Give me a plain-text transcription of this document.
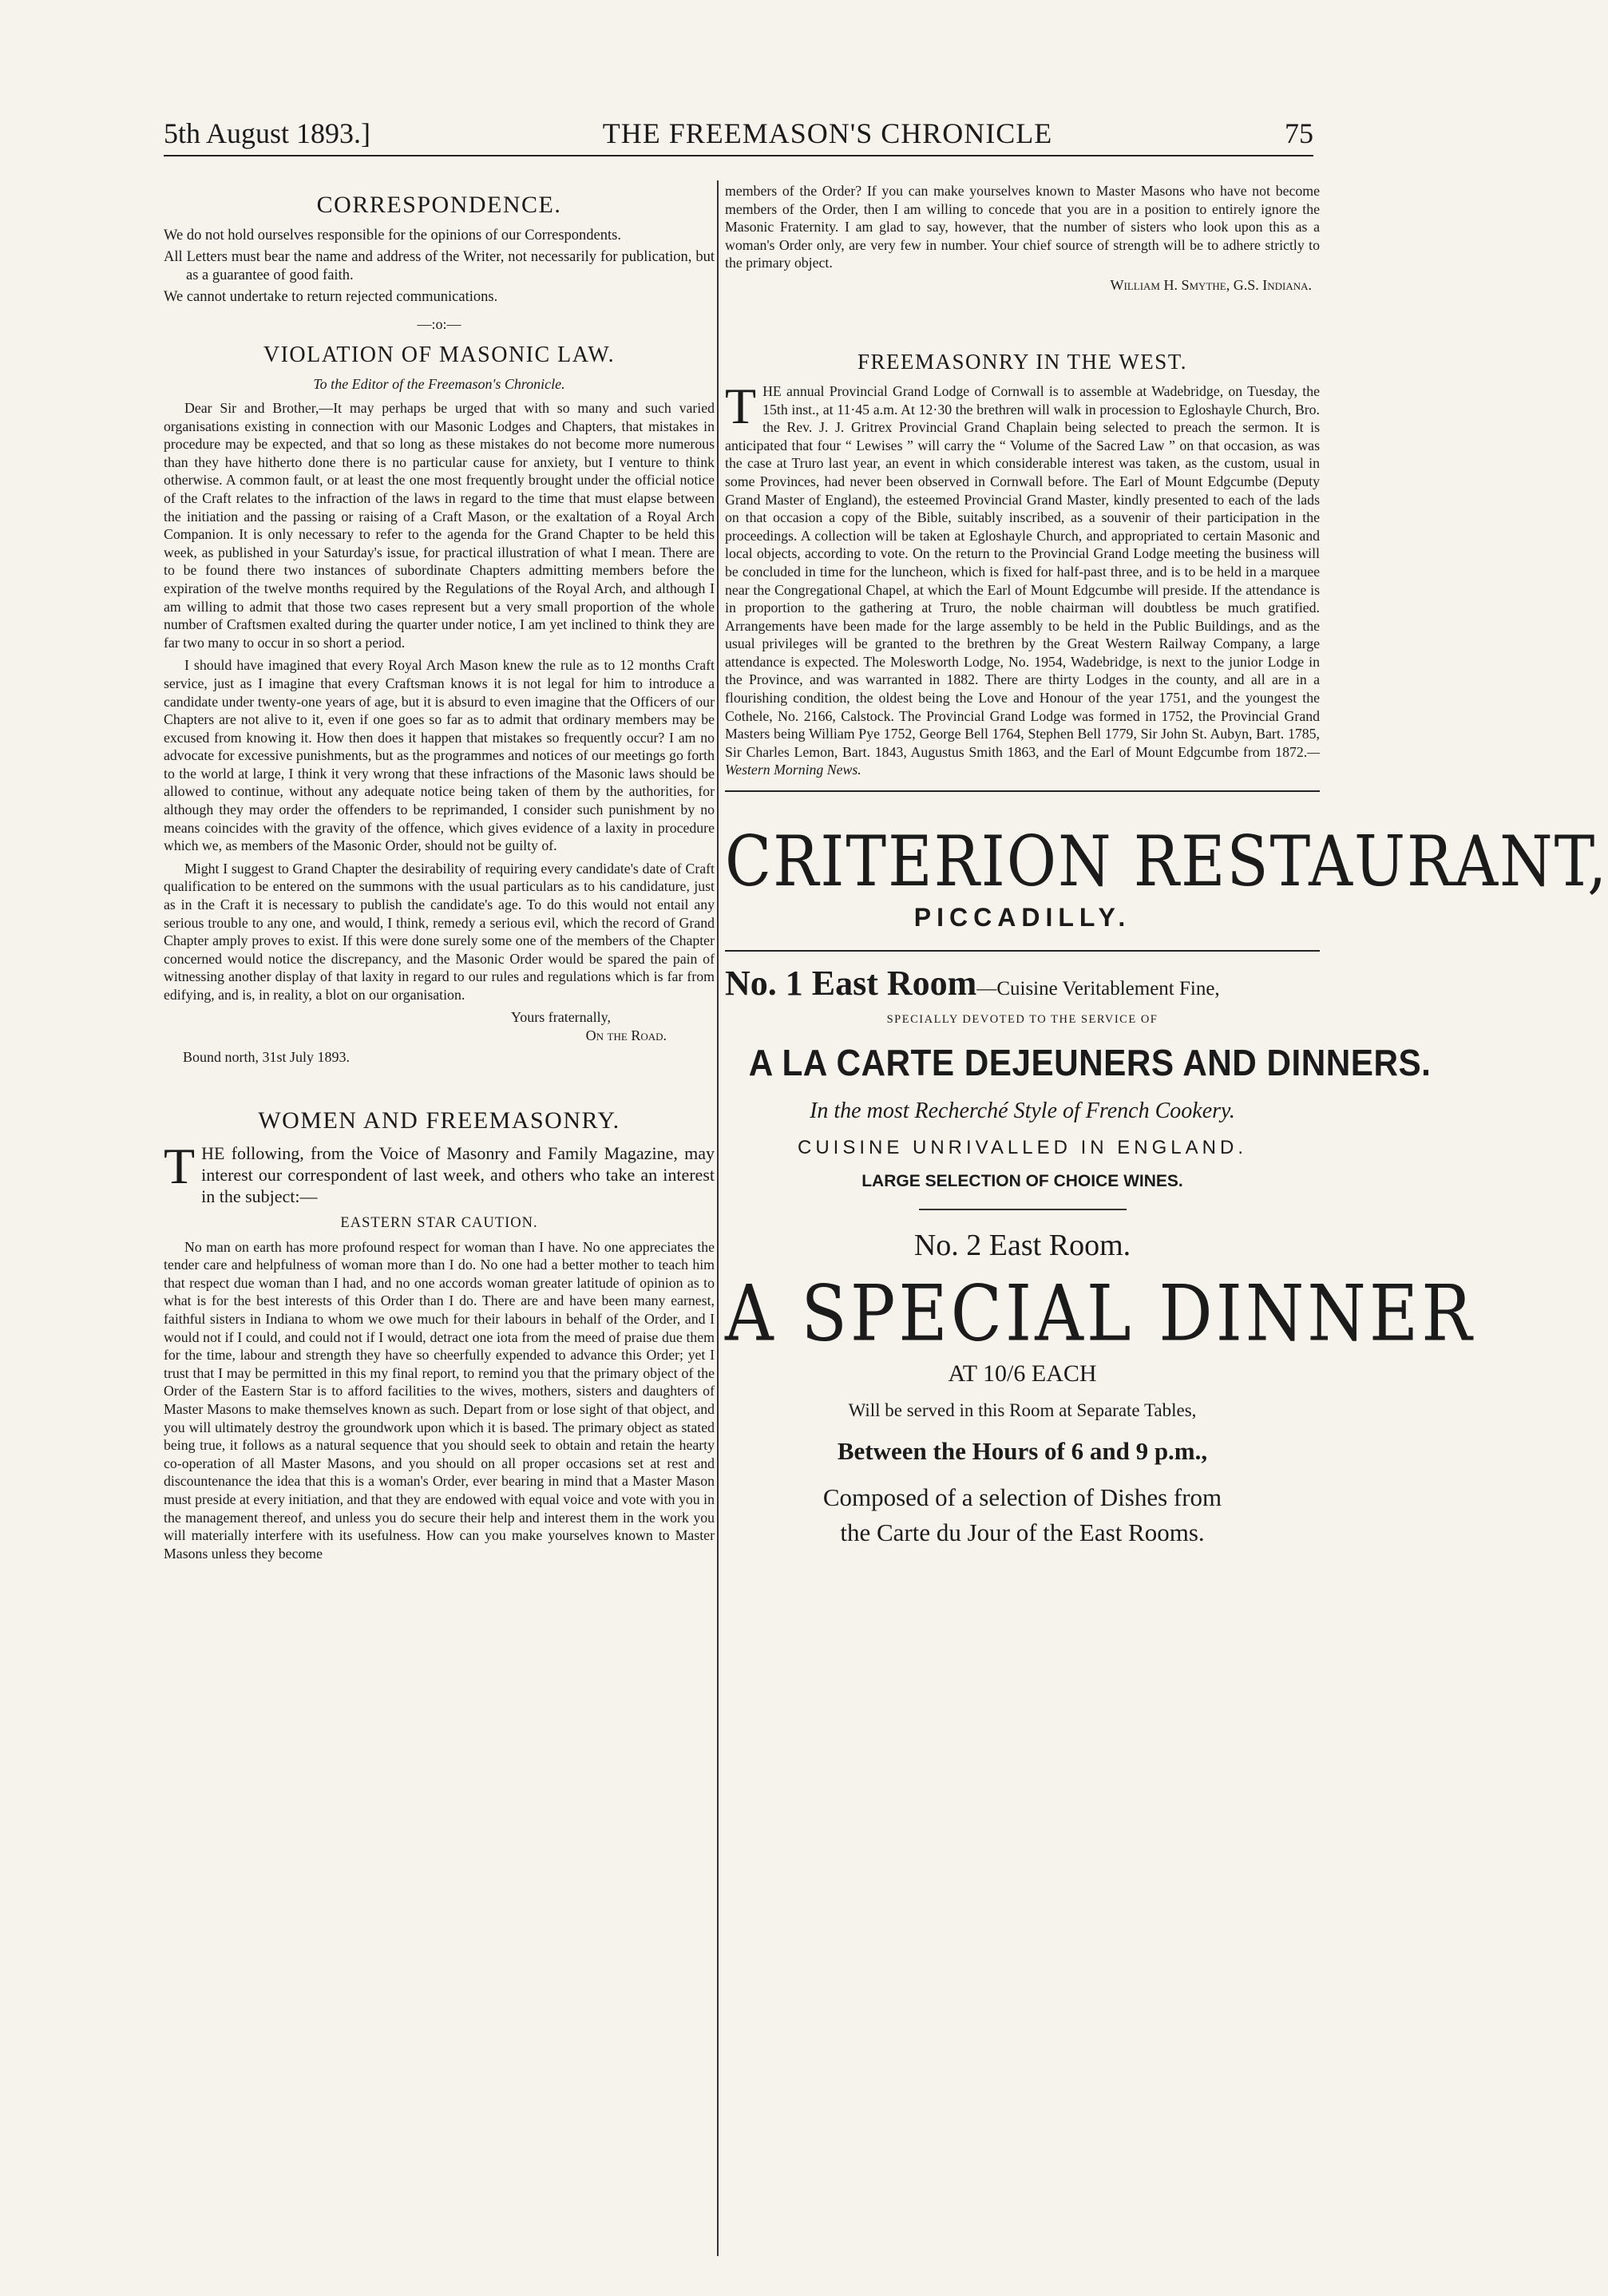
5th August 1893.]	THE FREEMASON'S CHRONICLE	75
CORRESPONDENCE.

We do not hold ourselves responsible for the opinions of our Correspondents.

All Letters must bear the name and address of the Writer, not necessarily for publication, but as a guarantee of good faith.

We cannot undertake to return rejected communications.

—:o:—
VIOLATION OF MASONIC LAW.
To the Editor of the Freemason's Chronicle.

Dear Sir and Brother,—It may perhaps be urged that with so many and such varied organisations existing in connection with our Masonic Lodges and Chapters, that mistakes in procedure may be expected, and that so long as these mistakes do not become more numerous than they have hitherto done there is no particular cause for anxiety, but I venture to think otherwise. A common fault, or at least the one most frequently brought under the official notice of the Craft relates to the infraction of the laws in regard to the time that must elapse between the initiation and the passing or raising of a Craft Mason, or the exaltation of a Royal Arch Companion. It is only necessary to refer to the agenda for the Grand Chapter to be held this week, as published in your Saturday's issue, for practical illustration of what I mean. There are to be found there two instances of subordinate Chapters admitting members before the expiration of the twelve months required by the Regulations of the Royal Arch, and although I am willing to admit that those two cases represent but a very small proportion of the whole number of Craftsmen exalted during the quarter under notice, I am yet inclined to think they are far two many to occur in so short a period.

I should have imagined that every Royal Arch Mason knew the rule as to 12 months Craft service, just as I imagine that every Craftsman knows it is not legal for him to introduce a candidate under twenty-one years of age, but it is absurd to even imagine that the Officers of our Chapters are not alive to it, even if one goes so far as to admit that ordinary members may be excused from knowing it. How then does it happen that mistakes so frequently occur? I am no advocate for excessive punishments, but as the programmes and notices of our meetings go forth to the world at large, I think it very wrong that these infractions of the Masonic laws should be allowed to continue, without any adequate notice being taken of them by the authorities, for although they may order the offenders to be reprimanded, I consider such punishment by no means coincides with the gravity of the offence, which gives evidence of a laxity in procedure which we, as members of the Masonic Order, should not be guilty of.

Might I suggest to Grand Chapter the desirability of requiring every candidate's date of Craft qualification to be entered on the summons with the usual particulars as to his candidature, just as in the Craft it is necessary to publish the candidate's age. To do this would not entail any serious trouble to any one, and would, I think, remedy a serious evil, which the record of Grand Chapter amply proves to exist. If this were done surely some one of the members of the Chapter concerned would notice the discrepancy, and the Masonic Order would be spared the pain of witnessing another display of that laxity in regard to our rules and regulations which is far from edifying, and is, in reality, a blot on our organisation.

Yours fraternally,
On the Road.
Bound north, 31st July 1893.
WOMEN AND FREEMASONRY.

THE following, from the Voice of Masonry and Family Magazine, may interest our correspondent of last week, and others who take an interest in the subject:—

EASTERN STAR CAUTION.

No man on earth has more profound respect for woman than I have. No one appreciates the tender care and helpfulness of woman more than I do. No one had a better mother to teach him that respect due woman than I had, and no one accords woman greater latitude of opinion as to what is for the best interests of this Order than I do. There are and have been many earnest, faithful sisters in Indiana to whom we owe much for their labours in behalf of the Order, and I would not if I could, and could not if I would, detract one iota from the meed of praise due them for the time, labour and strength they have so cheerfully expended to advance this Order; yet I trust that I may be permitted in this my final report, to remind you that the primary object of the Order of the Eastern Star is to afford facilities to the wives, mothers, sisters and daughters of Master Masons to make themselves known as such. Depart from or lose sight of that object, and you will ultimately destroy the groundwork upon which it is based. The primary object as stated being true, it follows as a natural sequence that you should seek to obtain and retain the hearty co-operation of all Master Masons, and you should on all proper occasions set at rest and discountenance the idea that this is a woman's Order, ever bearing in mind that a Master Mason must preside at every initiation, and that they are endowed with equal voice and vote with you in the management thereof, and unless you do secure their help and interest them in the work you will materially interfere with its usefulness. How can you make yourselves known to Master Masons unless they become

members of the Order? If you can make yourselves known to Master Masons who have not become members of the Order, then I am willing to concede that you are in a position to entirely ignore the Masonic Fraternity. I am glad to say, however, that the number of sisters who look upon this as a woman's Order only, are very few in number. Your chief source of strength will be to adhere strictly to the primary object.

William H. Smythe, G.S. Indiana.
FREEMASONRY IN THE WEST.

THE annual Provincial Grand Lodge of Cornwall is to assemble at Wadebridge, on Tuesday, the 15th inst., at 11·45 a.m. At 12·30 the brethren will walk in procession to Egloshayle Church, Bro. the Rev. J. J. Gritrex Provincial Grand Chaplain being selected to preach the sermon. It is anticipated that four “ Lewises ” will carry the “ Volume of the Sacred Law ” on that occasion, as was the case at Truro last year, an event in which considerable interest was taken, as the custom, usual in some Provinces, had never been observed in Cornwall before. The Earl of Mount Edgcumbe (Deputy Grand Master of England), the esteemed Provincial Grand Master, kindly presented to each of the lads on that occasion a copy of the Bible, suitably inscribed, as a souvenir of their participation in the proceedings. A collection will be taken at Egloshayle Church, and appropriated to certain Masonic and local objects, according to vote. On the return to the Provincial Grand Lodge meeting the business will be concluded in time for the luncheon, which is fixed for half-past three, and is to be held in a marquee near the Congregational Chapel, at which the Earl of Mount Edgcumbe will preside. If the attendance is in proportion to the gathering at Truro, the noble chairman will doubtless be much gratified. Arrangements have been made for the large assembly to be held in the Public Buildings, and as the usual privileges will be granted to the brethren by the Great Western Railway Company, a large attendance is expected. The Molesworth Lodge, No. 1954, Wadebridge, is next to the junior Lodge in the Province, and was warranted in 1882. There are thirty Lodges in the county, and all are in a flourishing condition, the oldest being the Love and Honour of the year 1751, and the youngest the Cothele, No. 2166, Calstock. The Provincial Grand Lodge was formed in 1752, the Provincial Grand Masters being William Pye 1752, George Bell 1764, Stephen Bell 1779, Sir John St. Aubyn, Bart. 1785, Sir Charles Lemon, Bart. 1843, Augustus Smith 1863, and the Earl of Mount Edgcumbe from 1872.—Western Morning News.

CRITERION RESTAURANT,
PICCADILLY.
No. 1 East Room—Cuisine Veritablement Fine,
SPECIALLY DEVOTED TO THE SERVICE OF
A LA CARTE DEJEUNERS AND DINNERS.
In the most Recherché Style of French Cookery.
CUISINE UNRIVALLED IN ENGLAND.
LARGE SELECTION OF CHOICE WINES.
No. 2 East Room.
A SPECIAL DINNER
AT 10/6 EACH
Will be served in this Room at Separate Tables,
Between the Hours of 6 and 9 p.m.,
Composed of a selection of Dishes from
the Carte du Jour of the East Rooms.
